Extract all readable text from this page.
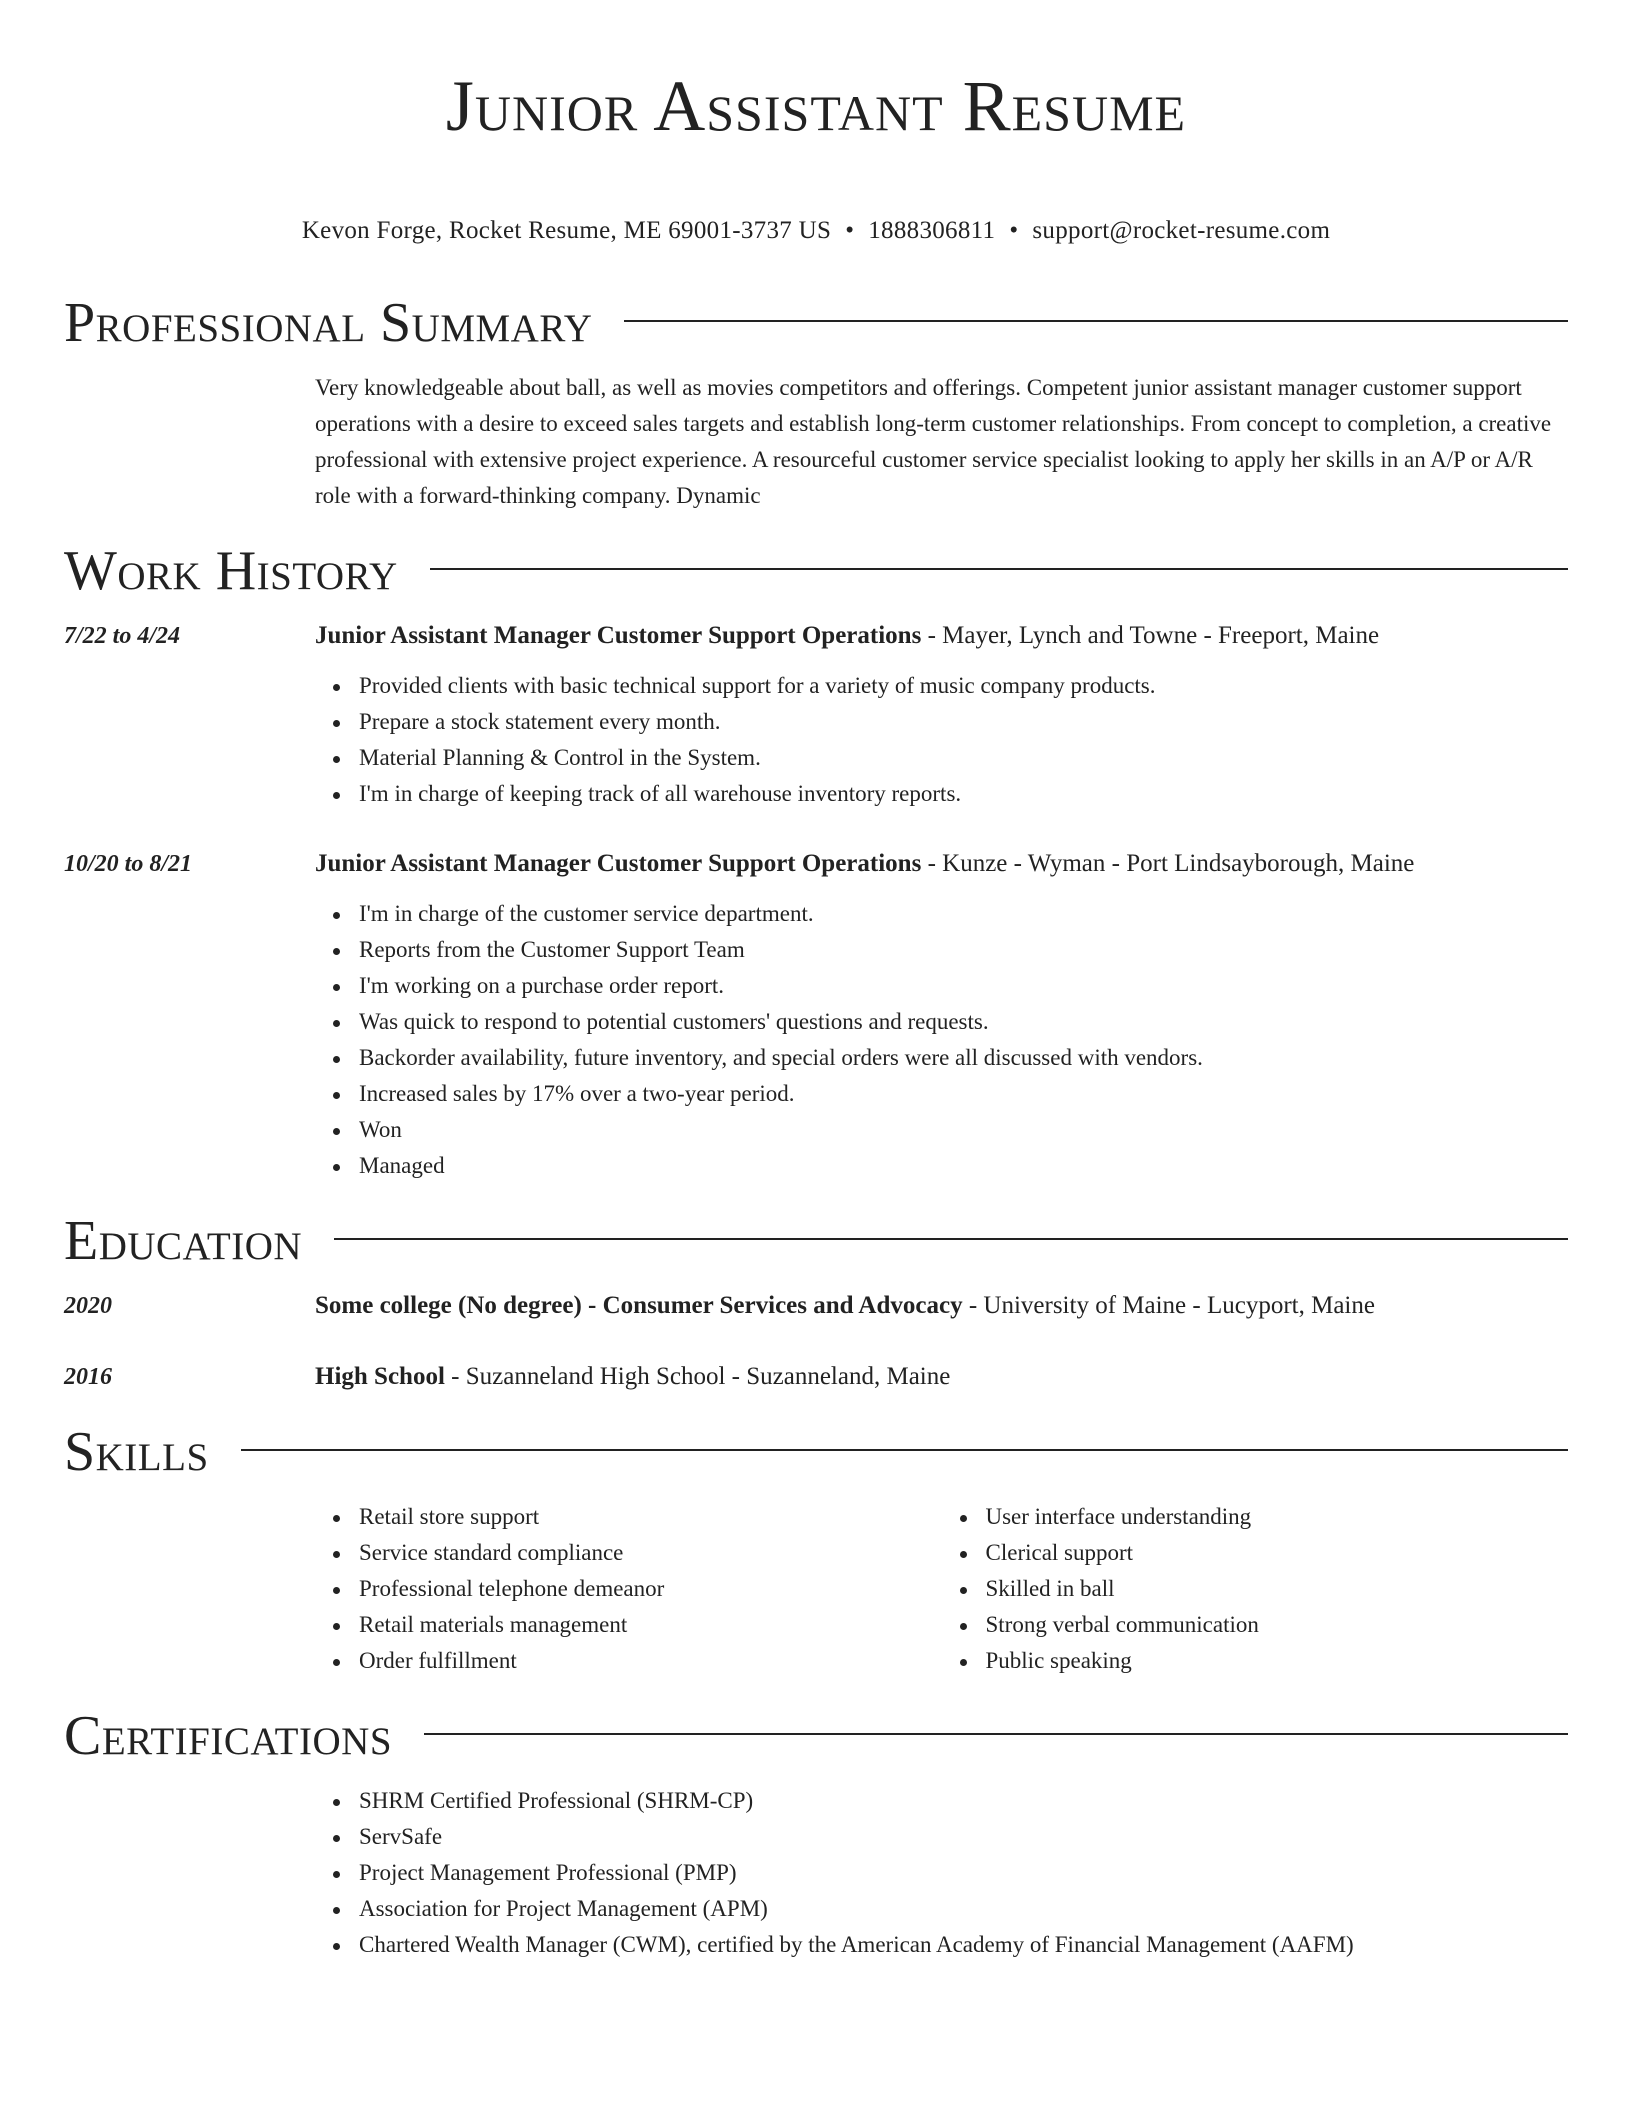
Junior Assistant Resume
Kevon Forge, Rocket Resume, ME 69001-3737 US • 1888306811 • support@rocket-resume.com
Professional Summary
Very knowledgeable about ball, as well as movies competitors and offerings. Competent junior assistant manager customer support operations with a desire to exceed sales targets and establish long-term customer relationships. From concept to completion, a creative professional with extensive project experience. A resourceful customer service specialist looking to apply her skills in an A/P or A/R role with a forward-thinking company. Dynamic
Work History
7/22 to 4/24	Junior Assistant Manager Customer Support Operations - Mayer, Lynch and Towne - Freeport, Maine
Provided clients with basic technical support for a variety of music company products.
Prepare a stock statement every month.
Material Planning & Control in the System.
I'm in charge of keeping track of all warehouse inventory reports.
10/20 to 8/21	Junior Assistant Manager Customer Support Operations - Kunze - Wyman - Port Lindsayborough, Maine
I'm in charge of the customer service department.
Reports from the Customer Support Team
I'm working on a purchase order report.
Was quick to respond to potential customers' questions and requests.
Backorder availability, future inventory, and special orders were all discussed with vendors.
Increased sales by 17% over a two-year period.
Won
Managed
Education
2020	Some college (No degree) - Consumer Services and Advocacy - University of Maine - Lucyport, Maine
2016	High School - Suzanneland High School - Suzanneland, Maine
Skills
Retail store support
Service standard compliance
Professional telephone demeanor
Retail materials management
Order fulfillment
User interface understanding
Clerical support
Skilled in ball
Strong verbal communication
Public speaking
Certifications
SHRM Certified Professional (SHRM-CP)
ServSafe
Project Management Professional (PMP)
Association for Project Management (APM)
Chartered Wealth Manager (CWM), certified by the American Academy of Financial Management (AAFM)
